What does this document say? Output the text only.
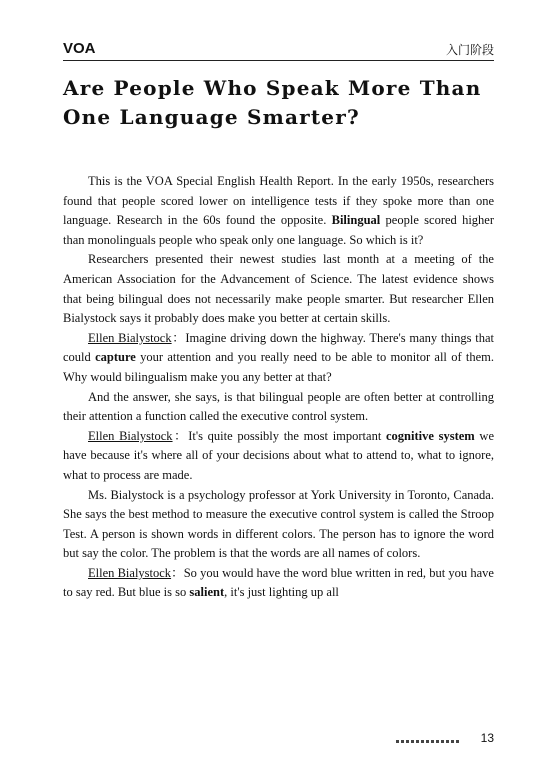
VOA	入门阶段
Are People Who Speak More Than One Language Smarter?

This is the VOA Special English Health Report. In the early 1950s, researchers found that people scored lower on intelligence tests if they spoke more than one language. Research in the 60s found the opposite. Bilingual people scored higher than monolinguals people who speak only one language. So which is it?

Researchers presented their newest studies last month at a meeting of the American Association for the Advancement of Science. The latest evidence shows that being bilingual does not necessarily make people smarter. But researcher Ellen Bialystock says it probably does make you better at certain skills.

Ellen Bialystock：Imagine driving down the highway. There's many things that could capture your attention and you really need to be able to monitor all of them. Why would bilingualism make you any better at that?

And the answer, she says, is that bilingual people are often better at controlling their attention a function called the executive control system.

Ellen Bialystock：It's quite possibly the most important cognitive system we have because it's where all of your decisions about what to attend to, what to ignore, what to process are made.

Ms. Bialystock is a psychology professor at York University in Toronto, Canada. She says the best method to measure the executive control system is called the Stroop Test. A person is shown words in different colors. The person has to ignore the word but say the color. The problem is that the words are all names of colors.

Ellen Bialystock：So you would have the word blue written in red, but you have to say red. But blue is so salient, it's just lighting up all

13
